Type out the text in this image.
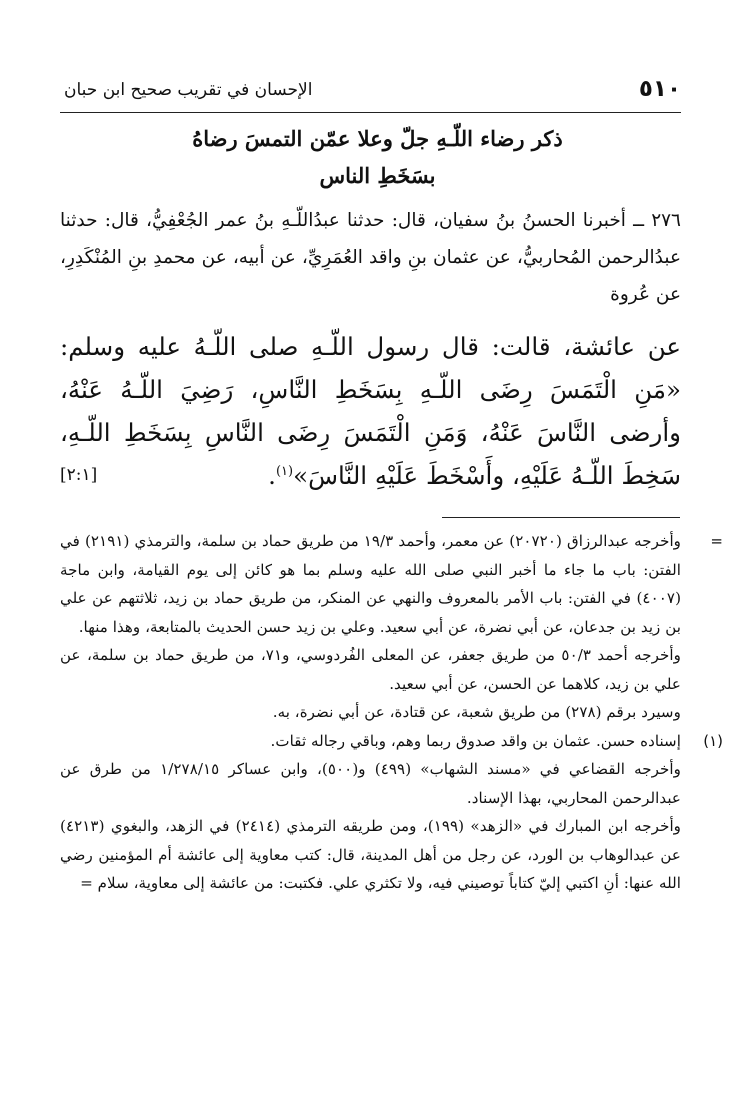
٥١٠
الإحسان في تقريب صحيح ابن حبان
ذكر رضاء اللّـهِ جلّ وعلا عمّن التمسَ رضاهُ
بسَخَطِ الناس

٢٧٦ ــ أخبرنا الحسنُ بنُ سفيان، قال: حدثنا عبدُاللّـهِ بنُ عمر الجُعْفِيُّ، قال: حدثنا عبدُالرحمن المُحاربيُّ، عن عثمان بنِ واقد العُمَرِيِّ، عن أبيه، عن محمدِ بنِ المُنْكَدِرِ، عن عُروة

عن عائشة، قالت: قال رسول اللّـهِ صلى اللّـهُ عليه وسلم: «مَنِ الْتَمَسَ رِضَى اللّـهِ بِسَخَطِ النَّاسِ، رَضِيَ اللّـهُ عَنْهُ، وأرضى النَّاسَ عَنْهُ، وَمَنِ الْتَمَسَ رِضَى النَّاسِ بِسَخَطِ اللّـهِ، سَخِطَ اللّـهُ عَلَيْهِ، وأَسْخَطَ عَلَيْهِ النَّاسَ»$^{(١)}$.
[٢:١]

=
وأخرجه عبدالرزاق (٢٠٧٢٠) عن معمر، وأحمد ١٩/٣ من طريق حماد بن سلمة، والترمذي (٢١٩١) في الفتن: باب ما جاء ما أخبر النبي صلى الله عليه وسلم بما هو كائن إلى يوم القيامة، وابن ماجة (٤٠٠٧) في الفتن: باب الأمر بالمعروف والنهي عن المنكر، من طريق حماد بن زيد، ثلاثتهم عن علي بن زيد بن جدعان، عن أبي نضرة، عن أبي سعيد. وعلي بن زيد حسن الحديث بالمتابعة، وهذا منها.

وأخرجه أحمد ٥٠/٣ من طريق جعفر، عن المعلى الفُردوسي، و٧١، من طريق حماد بن سلمة، عن علي بن زيد، كلاهما عن الحسن، عن أبي سعيد.

وسيرد برقم (٢٧٨) من طريق شعبة، عن قتادة، عن أبي نضرة، به.

(١)
إسناده حسن. عثمان بن واقد صدوق ربما وهم، وباقي رجاله ثقات.

وأخرجه القضاعي في «مسند الشهاب» (٤٩٩) و(٥٠٠)، وابن عساكر ١/٢٧٨/١٥ من طرق عن عبدالرحمن المحاربي، بهذا الإسناد.

وأخرجه ابن المبارك في «الزهد» (١٩٩)، ومن طريقه الترمذي (٢٤١٤) في الزهد، والبغوي (٤٢١٣) عن عبدالوهاب بن الورد، عن رجل من أهل المدينة، قال: كتب معاوية إلى عائشة أم المؤمنين رضي الله عنها: أنِ اكتبي إليّ كتاباً توصيني فيه، ولا تكثري علي. فكتبت: من عائشة إلى معاوية، سلام =
